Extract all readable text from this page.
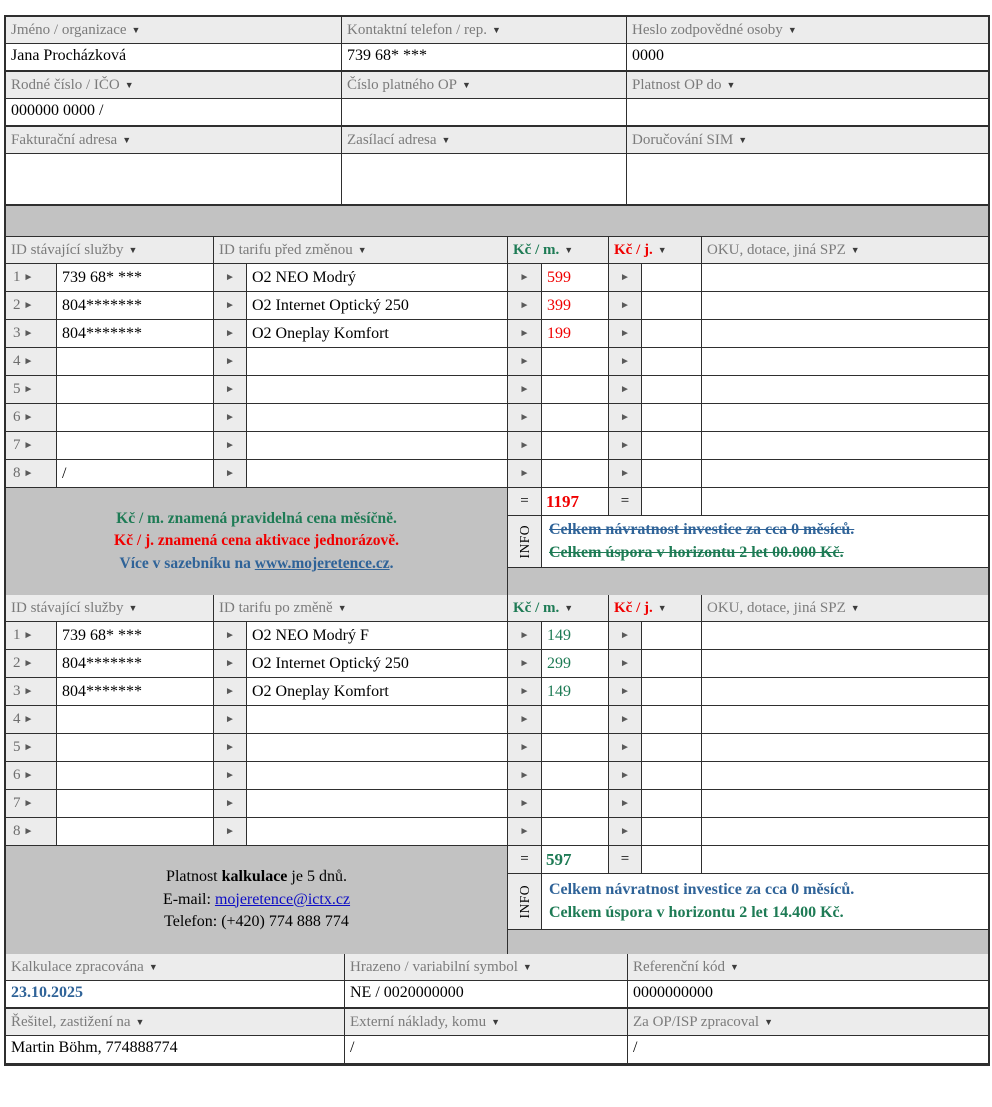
Jméno / organizace ▼	Kontaktní telefon / rep. ▼	Heslo zodpovědné osoby ▼
Jana Procházková	739 68* ***	0000
Rodné číslo / IČO ▼	Číslo platného OP ▼	Platnost OP do ▼
000000 0000 /
Fakturační adresa ▼	Zasílací adresa ▼	Doručování SIM ▼
ID stávající služby ▼	ID tarifu před změnou ▼	Kč / m. ▼	Kč / j. ▼	OKU, dotace, jiná SPZ ▼
1 ►	739 68* ***	►	O2 NEO Modrý	►	599	►
2 ►	804*******	►	O2 Internet Optický 250	►	399	►
3 ►	804*******	►	O2 Oneplay Komfort	►	199	►
4 ►	►	►	►
5 ►	►	►	►
6 ►	►	►	►
7 ►	►	►	►
8 ►	/	►	►	►
Kč / m. znamená pravidelná cena měsíčně.
Kč / j. znamená cena aktivace jednorázově.
Více v sazebníku na www.mojeretence.cz.
=	1197	=
INFO Celkem návratnost investice za cca 0 měsíců.
Celkem úspora v horizontu 2 let 00.000 Kč.
ID stávající služby ▼	ID tarifu po změně ▼	Kč / m. ▼	Kč / j. ▼	OKU, dotace, jiná SPZ ▼
1 ►	739 68* ***	►	O2 NEO Modrý F	►	149	►
2 ►	804*******	►	O2 Internet Optický 250	►	299	►
3 ►	804*******	►	O2 Oneplay Komfort	►	149	►
4 ►	►	►	►
5 ►	►	►	►
6 ►	►	►	►
7 ►	►	►	►
8 ►	►	►	►
Platnost kalkulace je 5 dnů.
E-mail: mojeretence@ictx.cz
Telefon: (+420) 774 888 774
=	597	=
INFO Celkem návratnost investice za cca 0 měsíců.
Celkem úspora v horizontu 2 let 14.400 Kč.
Kalkulace zpracována ▼	Hrazeno / variabilní symbol ▼	Referenční kód ▼
23.10.2025	NE / 0020000000	0000000000
Řešitel, zastižení na ▼	Externí náklady, komu ▼	Za OP/ISP zpracoval ▼
Martin Böhm, 774888774	/	/
